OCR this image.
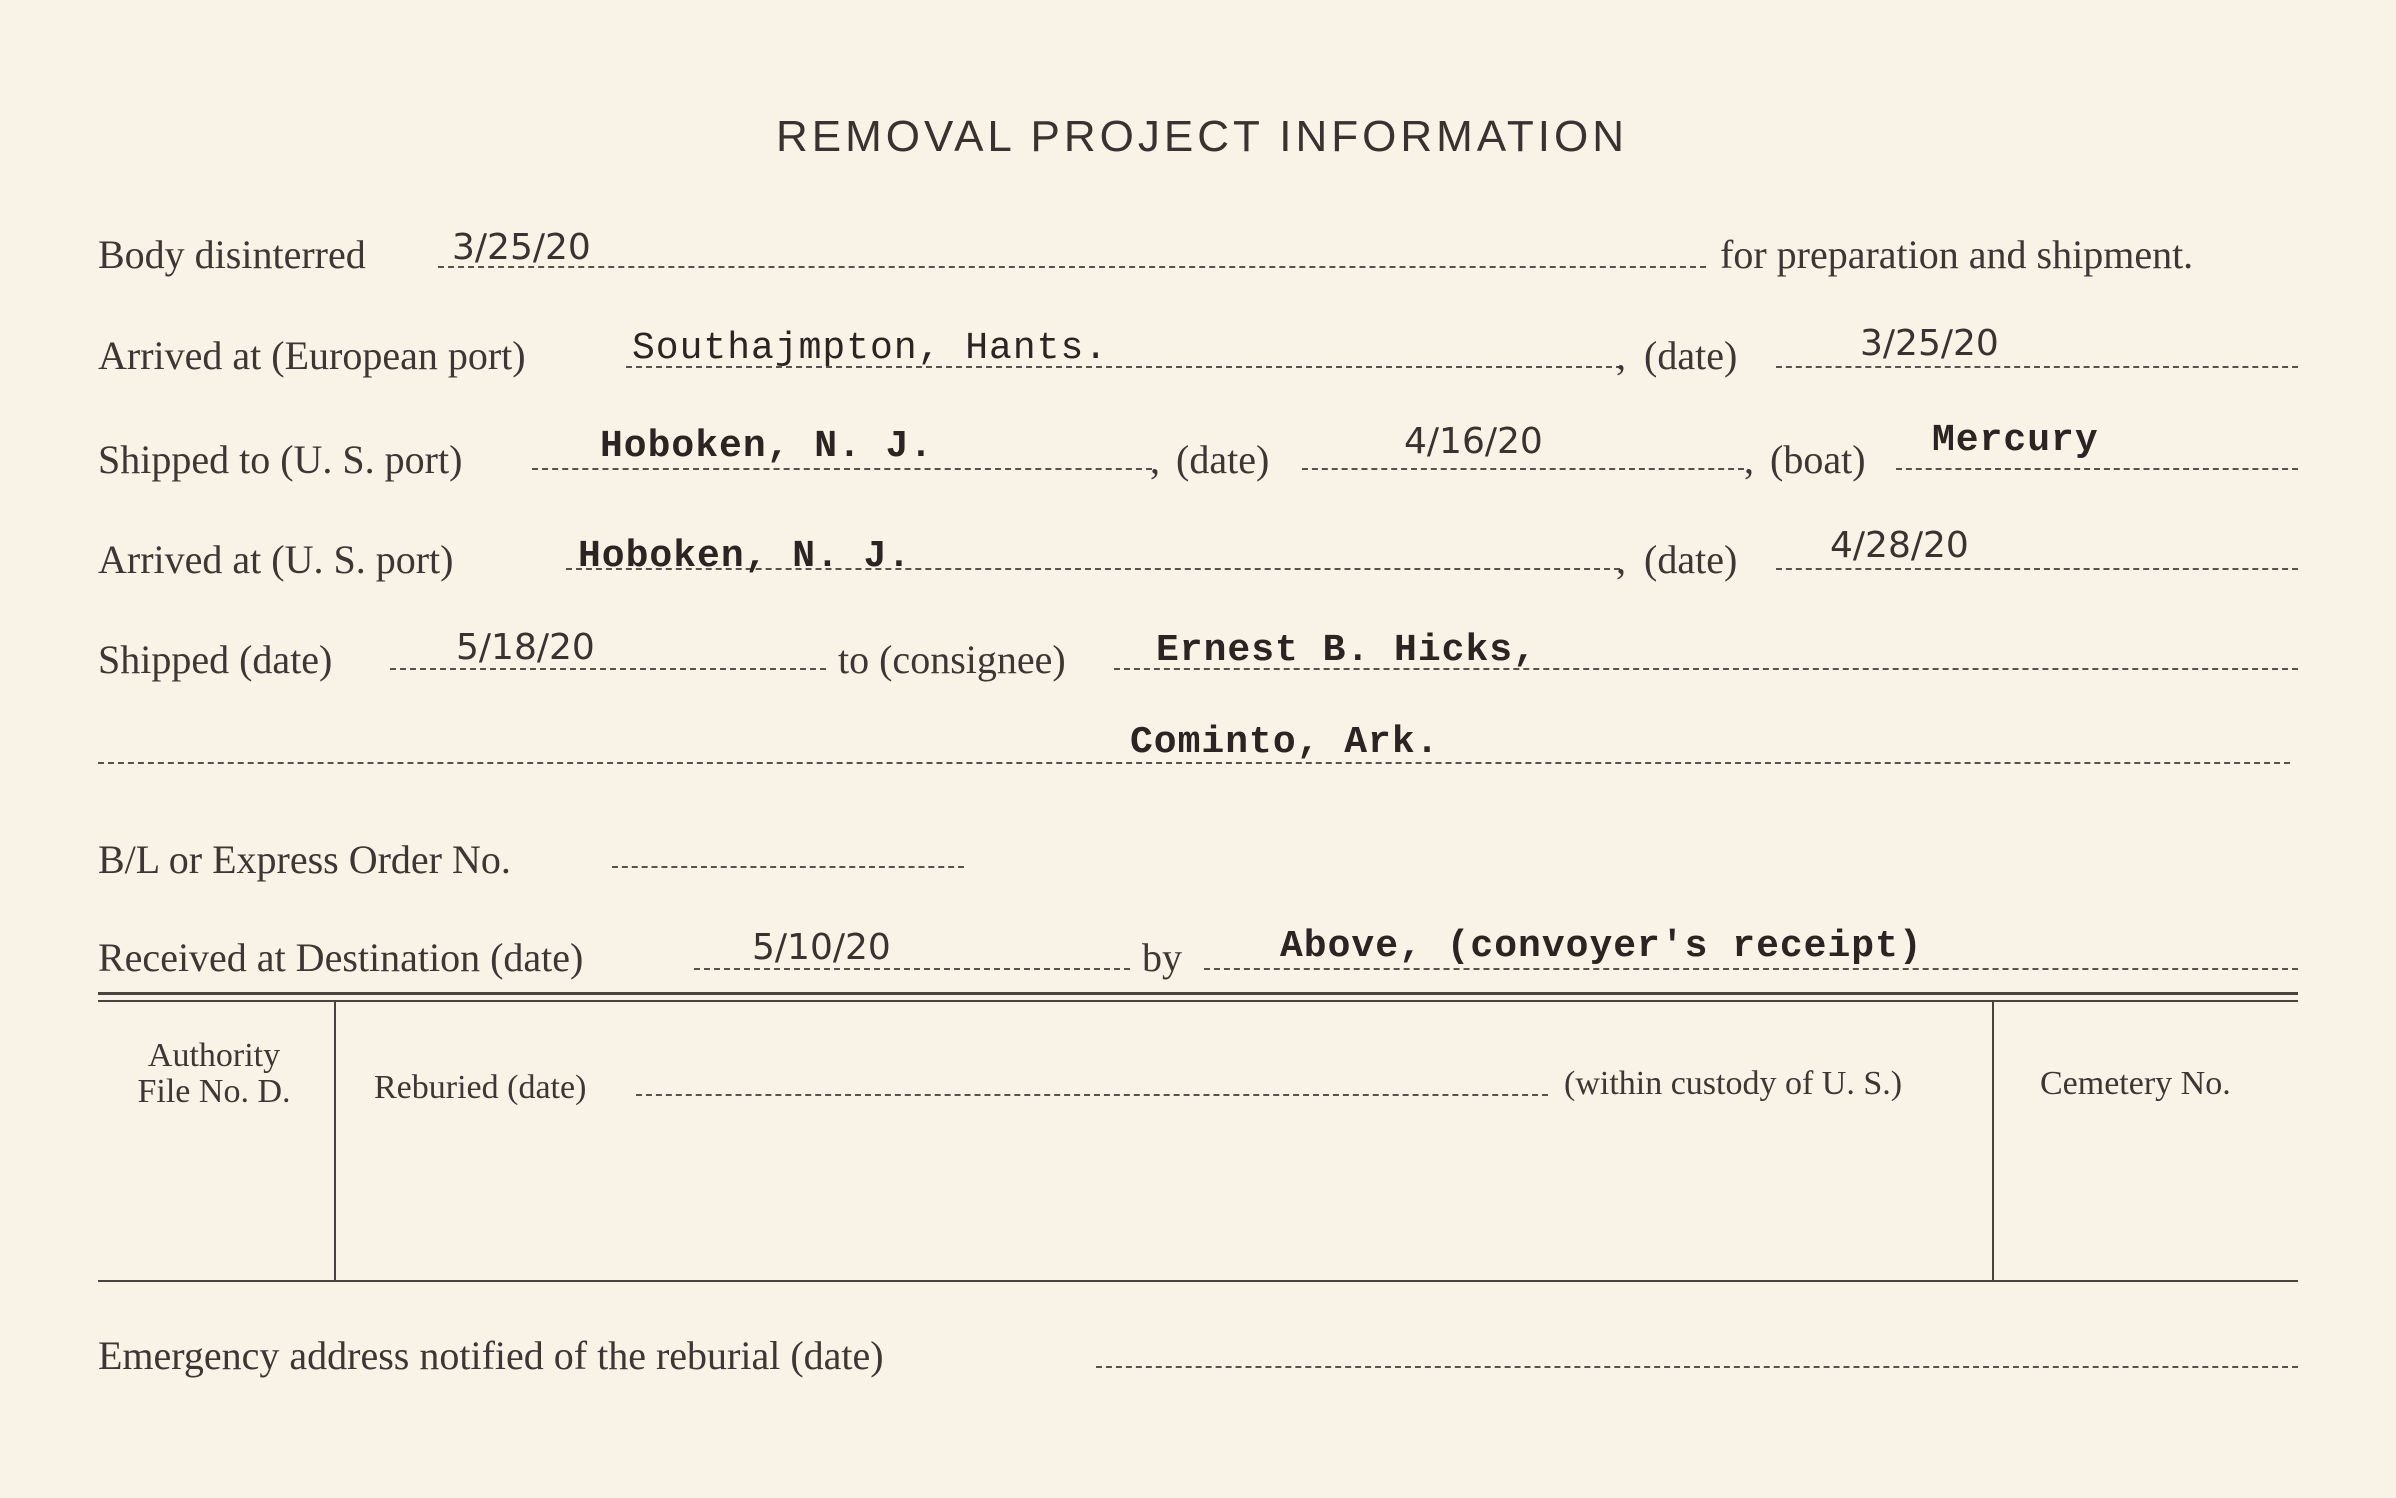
REMOVAL PROJECT INFORMATION
Body disinterred 3/25/20	for preparation and shipment.
Arrived at (European port)	Southajmpton, Hants.	, (date)	3/25/20
Shipped to (U. S. port)	Hoboken, N. J.	, (date)	4/16/20	, (boat) Mercury
Arrived at (U. S. port)	Hoboken, N. J.	, (date)	4/28/20
Shipped (date)	5/18/20	to (consignee) Ernest B. Hicks,
Cominto, Ark.
B/L or Express Order No.
Received at Destination (date)	5/10/20	by	Above, (convoyer's receipt)
Authority File No. D.	Reburied (date)	(within custody of U. S.)	Cemetery No.
Emergency address notified of the reburial (date)
